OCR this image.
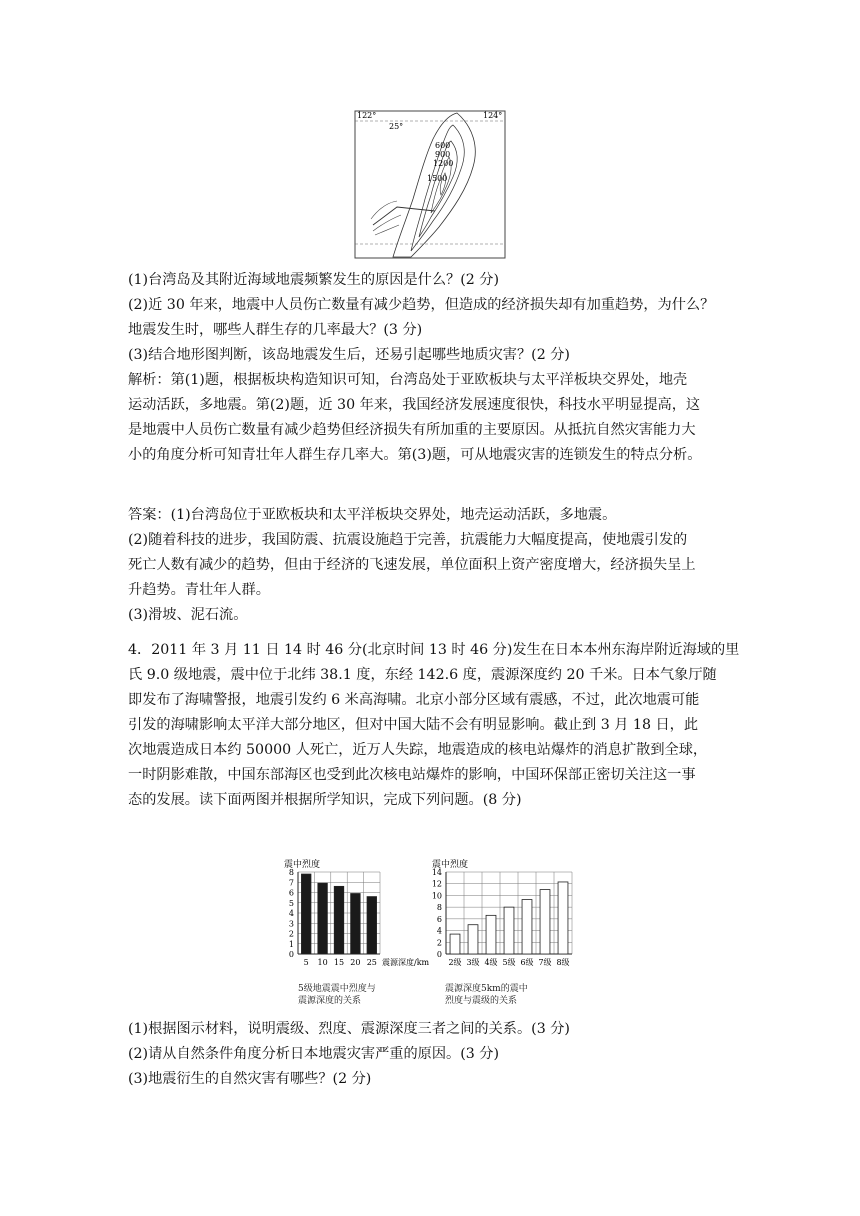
122°	124°
25°
600
900
1200
1500
(1)台湾岛及其附近海域地震频繁发生的原因是什么？(2 分)
(2)近 30 年来，地震中人员伤亡数量有减少趋势，但造成的经济损失却有加重趋势，为什么？
地震发生时，哪些人群生存的几率最大？(3 分)
(3)结合地形图判断，该岛地震发生后，还易引起哪些地质灾害？(2 分)
解析：第(1)题，根据板块构造知识可知，台湾岛处于亚欧板块与太平洋板块交界处，地壳
运动活跃，多地震。第(2)题，近 30 年来，我国经济发展速度很快，科技水平明显提高，这
是地震中人员伤亡数量有减少趋势但经济损失有所加重的主要原因。从抵抗自然灾害能力大
小的角度分析可知青壮年人群生存几率大。第(3)题，可从地震灾害的连锁发生的特点分析。
答案：(1)台湾岛位于亚欧板块和太平洋板块交界处，地壳运动活跃，多地震。
(2)随着科技的进步，我国防震、抗震设施趋于完善，抗震能力大幅度提高，使地震引发的
死亡人数有减少的趋势，但由于经济的飞速发展，单位面积上资产密度增大，经济损失呈上
升趋势。青壮年人群。
(3)滑坡、泥石流。
4．2011 年 3 月 11 日 14 时 46 分(北京时间 13 时 46 分)发生在日本本州东海岸附近海域的里
氏 9.0 级地震，震中位于北纬 38.1 度，东经 142.6 度，震源深度约 20 千米。日本气象厅随
即发布了海啸警报，地震引发约 6 米高海啸。北京小部分区域有震感，不过，此次地震可能
引发的海啸影响太平洋大部分地区，但对中国大陆不会有明显影响。截止到 3 月 18 日，此
次地震造成日本约 50000 人死亡，近万人失踪，地震造成的核电站爆炸的消息扩散到全球，
一时阴影难散，中国东部海区也受到此次核电站爆炸的影响，中国环保部正密切关注这一事
态的发展。读下面两图并根据所学知识，完成下列问题。(8 分)
震中烈度
0
1
2
3
4
5
6
7
8
5 10 15 20 25 震源深度/km
5级地震震中烈度与
震源深度的关系
震中烈度
0
2
4
6
8
10
12
14
2级 3级 4级 5级 6级 7级 8级
震源深度5km的震中
烈度与震级的关系
(1)根据图示材料，说明震级、烈度、震源深度三者之间的关系。(3 分)
(2)请从自然条件角度分析日本地震灾害严重的原因。(3 分)
(3)地震衍生的自然灾害有哪些？(2 分)
